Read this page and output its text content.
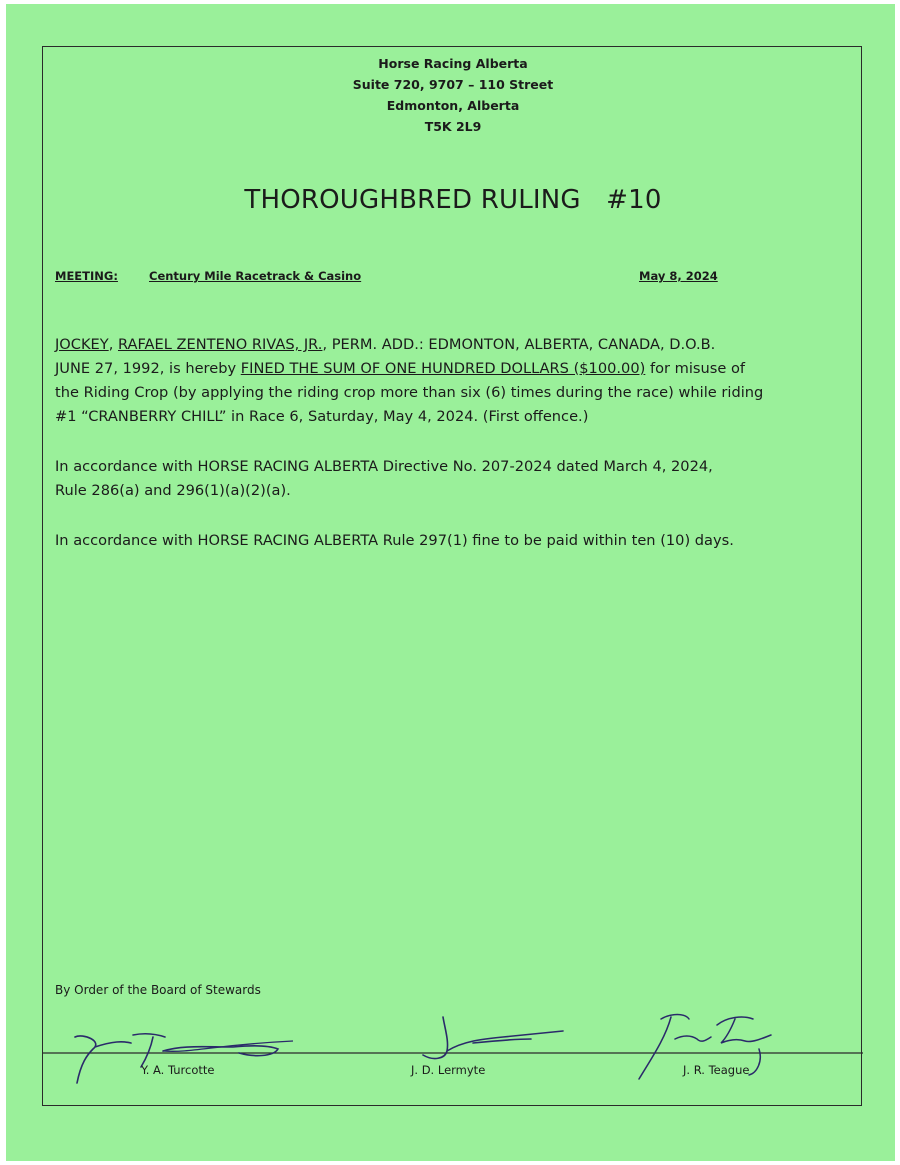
Horse Racing Alberta
Suite 720, 9707 – 110 Street
Edmonton, Alberta
T5K 2L9
THOROUGHBRED RULING   #10
MEETING:	Century Mile Racetrack & Casino	May 8, 2024
JOCKEY, RAFAEL ZENTENO RIVAS, JR., PERM. ADD.: EDMONTON, ALBERTA, CANADA, D.O.B.
JUNE 27, 1992, is hereby FINED THE SUM OF ONE HUNDRED DOLLARS ($100.00) for misuse of
the Riding Crop (by applying the riding crop more than six (6) times during the race) while riding
#1 “CRANBERRY CHILL” in Race 6, Saturday, May 4, 2024. (First offence.)
In accordance with HORSE RACING ALBERTA Directive No. 207-2024 dated March 4, 2024,
Rule 286(a) and 296(1)(a)(2)(a).
In accordance with HORSE RACING ALBERTA Rule 297(1) fine to be paid within ten (10) days.
By Order of the Board of Stewards
Y. A. Turcotte	J. D. Lermyte	J. R. Teague
